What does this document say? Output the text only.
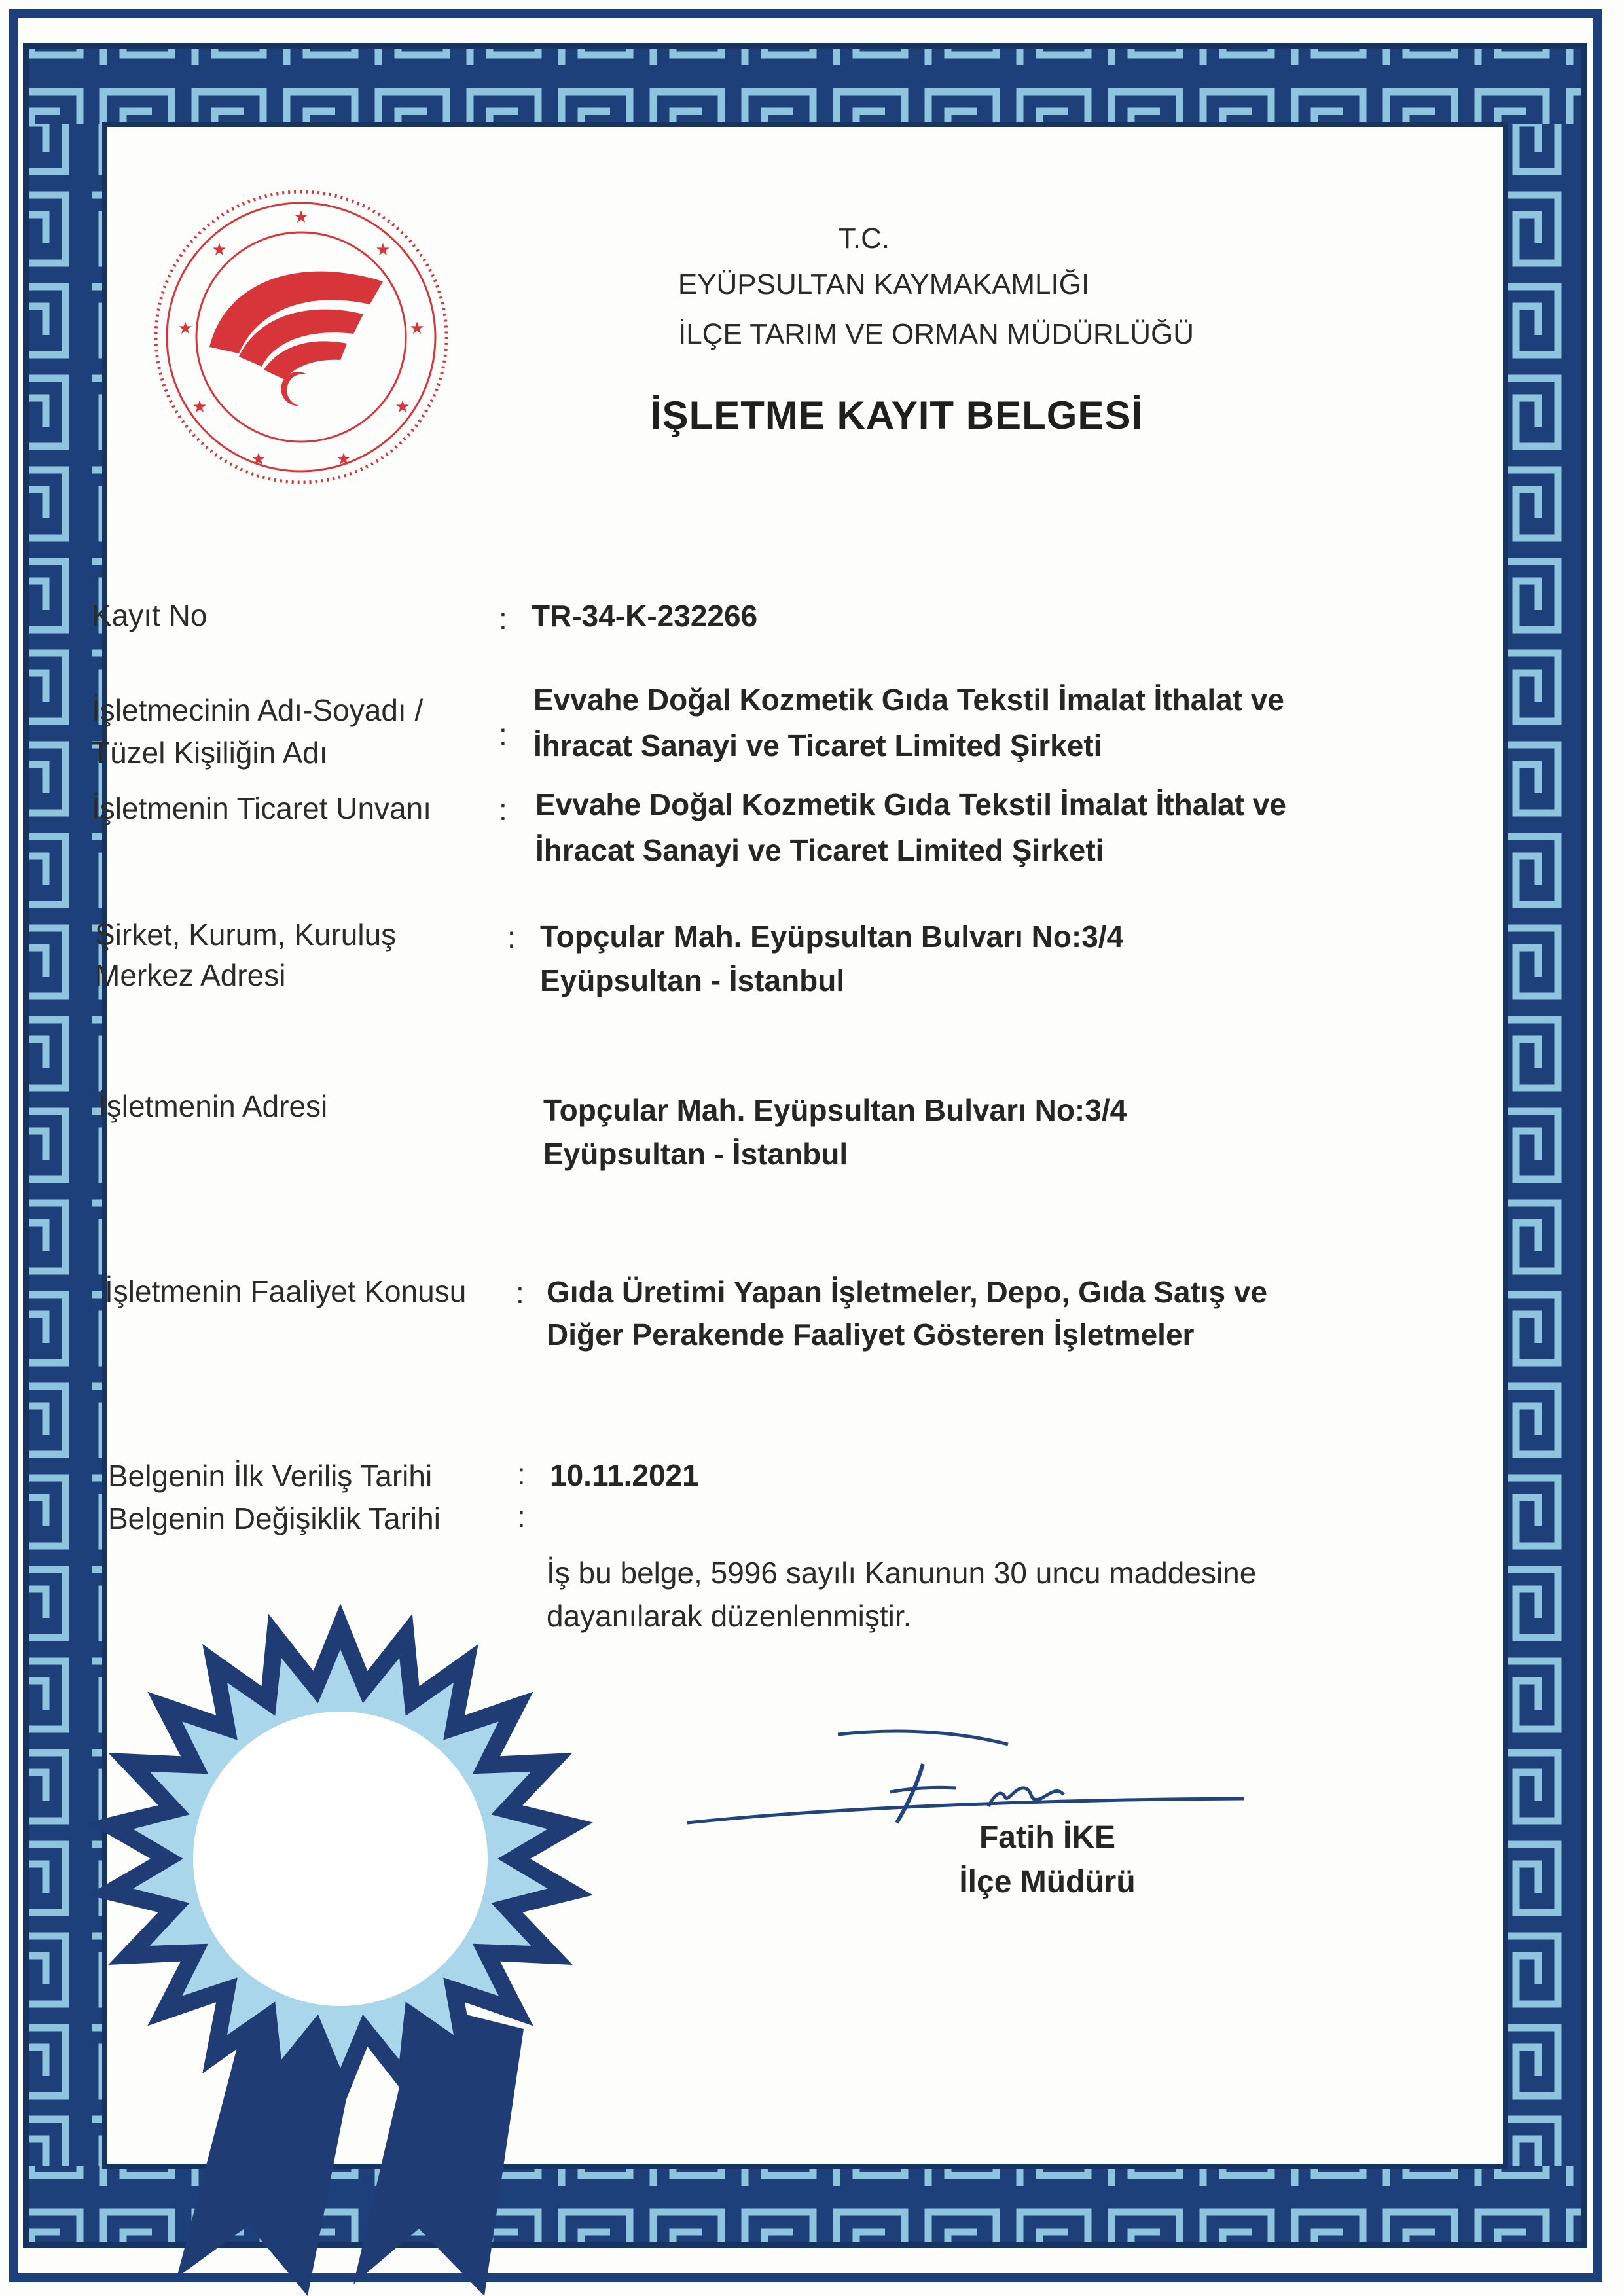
★
★	★
★	★
★	★
★	★
T.C.
EYÜPSULTAN KAYMAKAMLIĞI
İLÇE TARIM VE ORMAN MÜDÜRLÜĞÜ
İŞLETME KAYIT BELGESİ
Kayıt No	: TR-34-K-232266
İşletmecinin Adı-Soyadı /
Tüzel Kişiliğin Adı
:
Evvahe Doğal Kozmetik Gıda Tekstil İmalat İthalat ve
İhracat Sanayi ve Ticaret Limited Şirketi
İşletmenin Ticaret Unvanı : Evvahe Doğal Kozmetik Gıda Tekstil İmalat İthalat ve
İhracat Sanayi ve Ticaret Limited Şirketi
Şirket, Kurum, Kuruluş
Merkez Adresi
: Topçular Mah. Eyüpsultan Bulvarı No:3/4
Eyüpsultan - İstanbul
İşletmenin Adresi	Topçular Mah. Eyüpsultan Bulvarı No:3/4
Eyüpsultan - İstanbul
İşletmenin Faaliyet Konusu : Gıda Üretimi Yapan İşletmeler, Depo, Gıda Satış ve
Diğer Perakende Faaliyet Gösteren İşletmeler
Belgenin İlk Veriliş Tarihi	: 10.11.2021
Belgenin Değişiklik Tarihi	:
İş bu belge, 5996 sayılı Kanunun 30 uncu maddesine
dayanılarak düzenlenmiştir.
Fatih İKE
İlçe Müdürü
